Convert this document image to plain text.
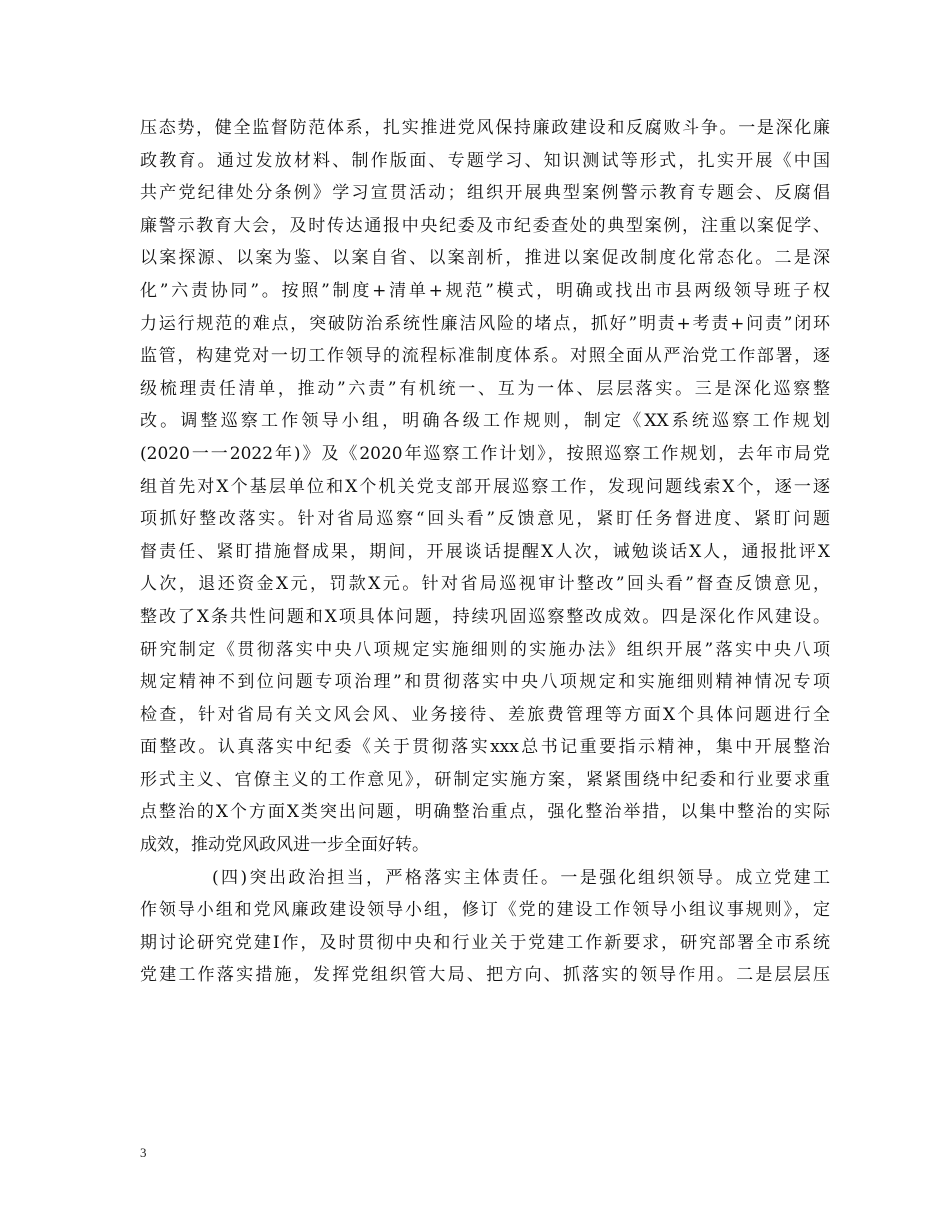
压态势，健全监督防范体系，扎实推进党风保持廉政建设和反腐败斗争。一是深化廉
政教育。通过发放材料、制作版面、专题学习、知识测试等形式，扎实开展《中国
共产党纪律处分条例》学习宣贯活动；组织开展典型案例警示教育专题会、反腐倡
廉警示教育大会，及时传达通报中央纪委及市纪委查处的典型案例，注重以案促学、
以案探源、以案为鉴、以案自省、以案剖析，推进以案促改制度化常态化。二是深
化”六责协同”。按照”制度+清单+规范”模式，明确或找出市县两级领导班子权
力运行规范的难点，突破防治系统性廉洁风险的堵点，抓好”明责+考责+问责”闭环
监管，构建党对一切工作领导的流程标准制度体系。对照全面从严治党工作部署，逐
级梳理责任清单，推动”六责”有机统一、互为一体、层层落实。三是深化巡察整
改。调整巡察工作领导小组，明确各级工作规则，制定《XX系统巡察工作规划
(2020一一2022年)》及《2020年巡察工作计划》，按照巡察工作规划，去年市局党
组首先对X个基层单位和X个机关党支部开展巡察工作，发现问题线索X个，逐一逐
项抓好整改落实。针对省局巡察“回头看”反馈意见，紧盯任务督进度、紧盯问题
督责任、紧盯措施督成果，期间，开展谈话提醒X人次，诫勉谈话X人，通报批评X
人次，退还资金X元，罚款X元。针对省局巡视审计整改”回头看”督查反馈意见，
整改了X条共性问题和X项具体问题，持续巩固巡察整改成效。四是深化作风建设。
研究制定《贯彻落实中央八项规定实施细则的实施办法》组织开展”落实中央八项
规定精神不到位问题专项治理”和贯彻落实中央八项规定和实施细则精神情况专项
检查，针对省局有关文风会风、业务接待、差旅费管理等方面X个具体问题进行全
面整改。认真落实中纪委《关于贯彻落实xxx总书记重要指示精神，集中开展整治
形式主义、官僚主义的工作意见》，研制定实施方案，紧紧围绕中纪委和行业要求重
点整治的X个方面X类突出问题，明确整治重点，强化整治举措，以集中整治的实际
成效，推动党风政风进一步全面好转。
(四)突出政治担当，严格落实主体责任。一是强化组织领导。成立党建工
作领导小组和党风廉政建设领导小组，修订《党的建设工作领导小组议事规则》，定
期讨论研究党建I作，及时贯彻中央和行业关于党建工作新要求，研究部署全市系统
党建工作落实措施，发挥党组织管大局、把方向、抓落实的领导作用。二是层层压
3
